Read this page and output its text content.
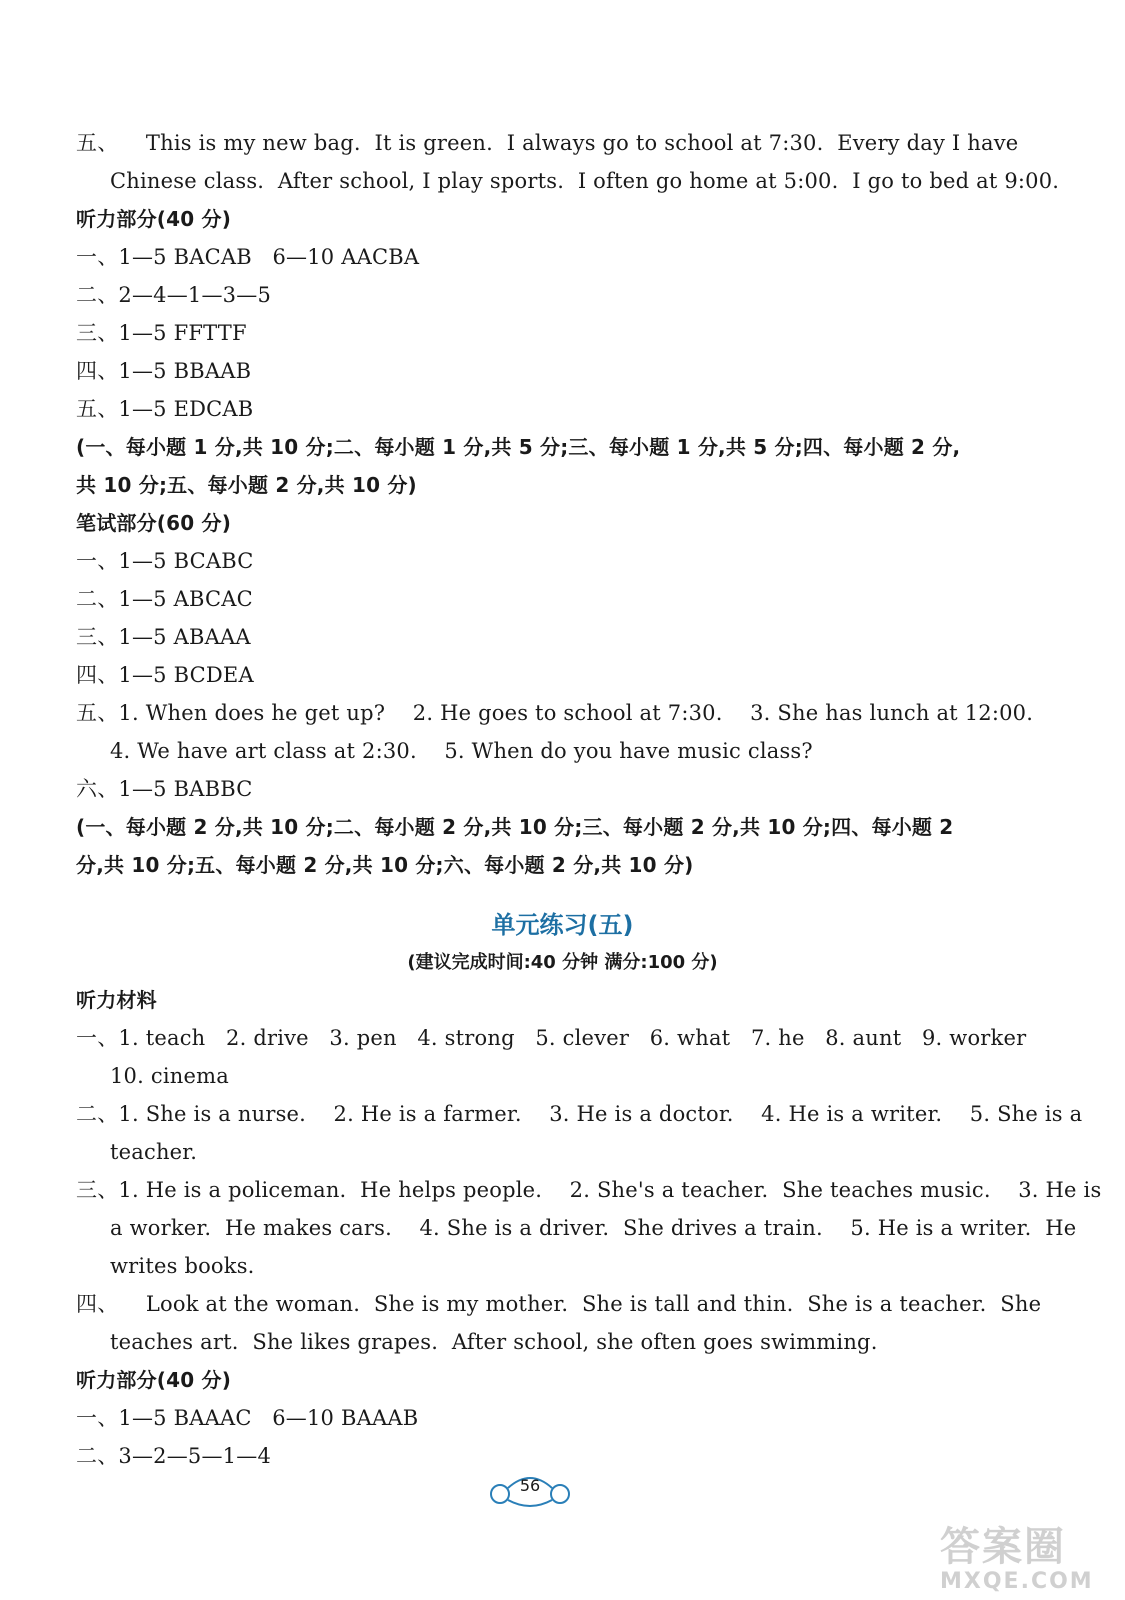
五、    This is my new bag.  It is green.  I always go to school at 7:30.  Every day I have
Chinese class.  After school, I play sports.  I often go home at 5:00.  I go to bed at 9:00.
听力部分(40 分)
一、1—5 BACAB   6—10 AACBA
二、2—4—1—3—5
三、1—5 FFTTF
四、1—5 BBAAB
五、1—5 EDCAB
(一、每小题 1 分,共 10 分;二、每小题 1 分,共 5 分;三、每小题 1 分,共 5 分;四、每小题 2 分,
共 10 分;五、每小题 2 分,共 10 分)
笔试部分(60 分)
一、1—5 BCABC
二、1—5 ABCAC
三、1—5 ABAAA
四、1—5 BCDEA
五、1. When does he get up?    2. He goes to school at 7:30.    3. She has lunch at 12:00.
4. We have art class at 2:30.    5. When do you have music class?
六、1—5 BABBC
(一、每小题 2 分,共 10 分;二、每小题 2 分,共 10 分;三、每小题 2 分,共 10 分;四、每小题 2
分,共 10 分;五、每小题 2 分,共 10 分;六、每小题 2 分,共 10 分)
单元练习(五)
(建议完成时间:40 分钟 满分:100 分)
听力材料
一、1. teach   2. drive   3. pen   4. strong   5. clever   6. what   7. he   8. aunt   9. worker
10. cinema
二、1. She is a nurse.    2. He is a farmer.    3. He is a doctor.    4. He is a writer.    5. She is a
teacher.
三、1. He is a policeman.  He helps people.    2. She's a teacher.  She teaches music.    3. He is
a worker.  He makes cars.    4. She is a driver.  She drives a train.    5. He is a writer.  He
writes books.
四、    Look at the woman.  She is my mother.  She is tall and thin.  She is a teacher.  She
teaches art.  She likes grapes.  After school, she often goes swimming.
听力部分(40 分)
一、1—5 BAAAC   6—10 BAAAB
二、3—2—5—1—4
56
答案圈
MXQE.COM
